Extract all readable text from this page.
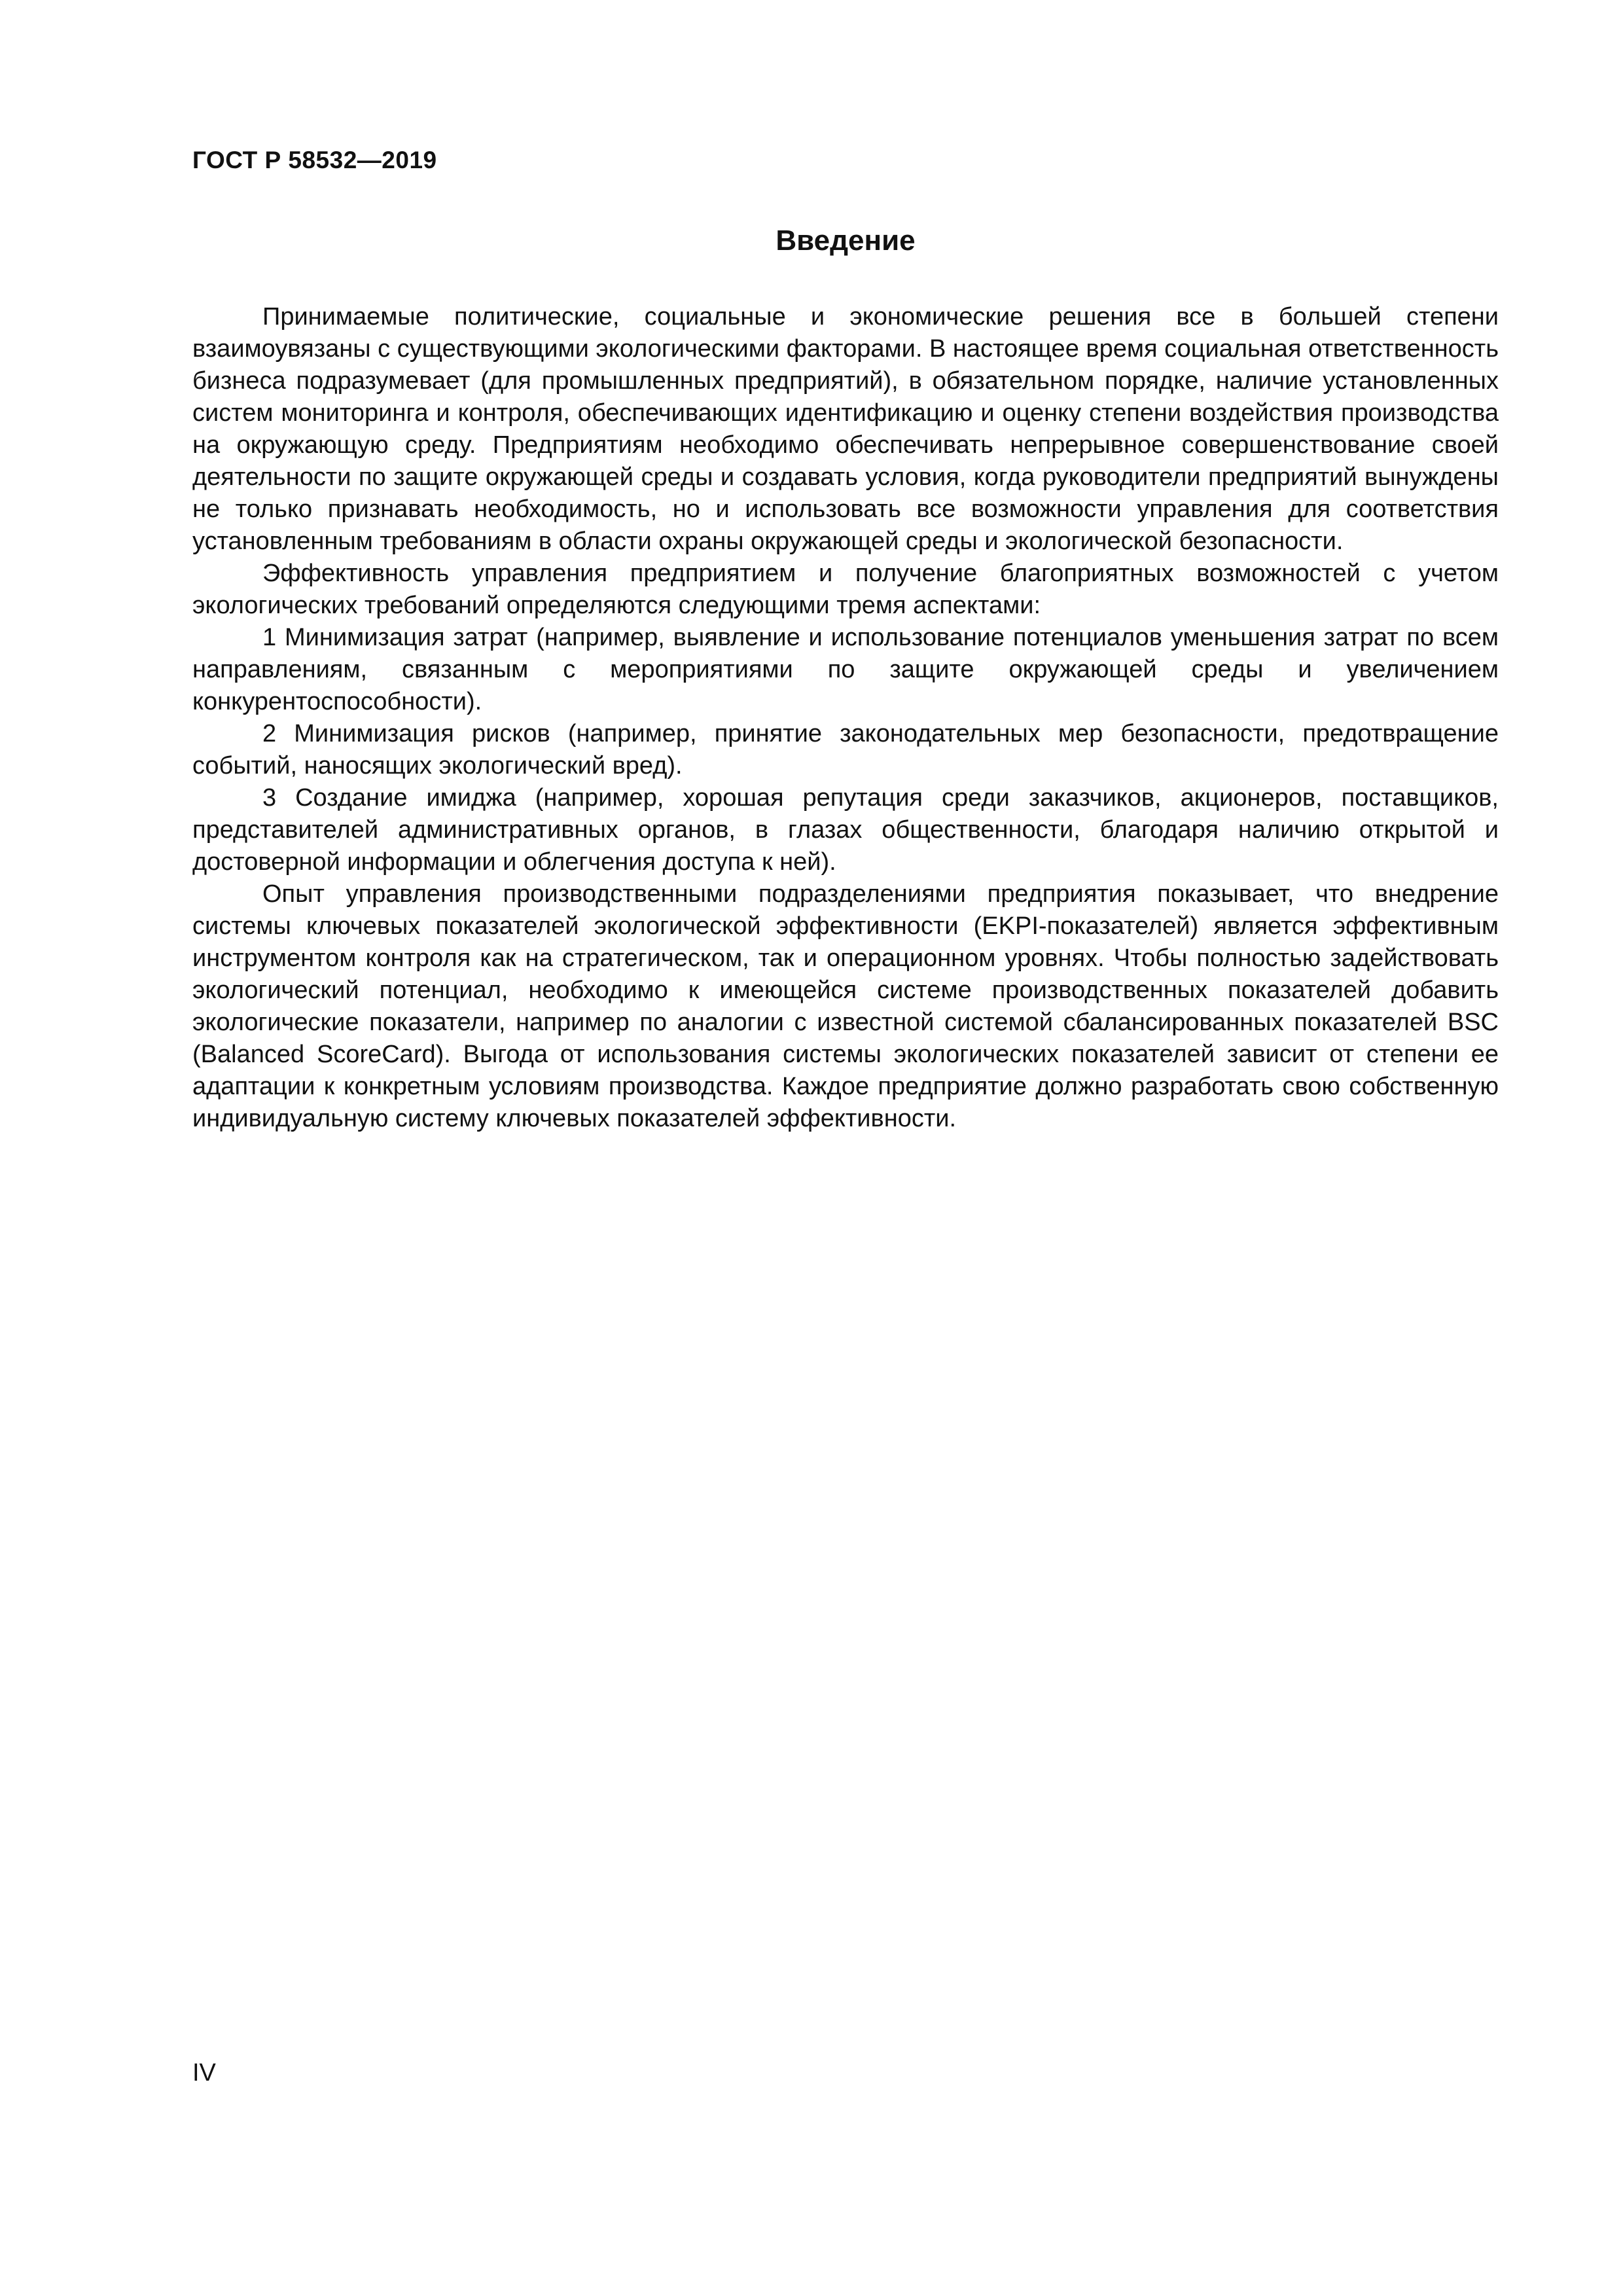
ГОСТ Р 58532—2019
Введение

Принимаемые политические, социальные и экономические решения все в большей степени взаимоувязаны с существующими экологическими факторами. В настоящее время социальная ответственность бизнеса подразумевает (для промышленных предприятий), в обязательном порядке, наличие установленных систем мониторинга и контроля, обеспечивающих идентификацию и оценку степени воздействия производства на окружающую среду. Предприятиям необходимо обеспечивать непрерывное совершенствование своей деятельности по защите окружающей среды и создавать условия, когда руководители предприятий вынуждены не только признавать необходимость, но и использовать все возможности управления для соответствия установленным требованиям в области охраны окружающей среды и экологической безопасности.

Эффективность управления предприятием и получение благоприятных возможностей с учетом экологических требований определяются следующими тремя аспектами:

1 Минимизация затрат (например, выявление и использование потенциалов уменьшения затрат по всем направлениям, связанным с мероприятиями по защите окружающей среды и увеличением конкурентоспособности).

2 Минимизация рисков (например, принятие законодательных мер безопасности, предотвращение событий, наносящих экологический вред).

3 Создание имиджа (например, хорошая репутация среди заказчиков, акционеров, поставщиков, представителей административных органов, в глазах общественности, благодаря наличию открытой и достоверной информации и облегчения доступа к ней).

Опыт управления производственными подразделениями предприятия показывает, что внедрение системы ключевых показателей экологической эффективности (EKPI-показателей) является эффективным инструментом контроля как на стратегическом, так и операционном уровнях. Чтобы полностью задействовать экологический потенциал, необходимо к имеющейся системе производственных показателей добавить экологические показатели, например по аналогии с известной системой сбалансированных показателей BSC (Balanced ScoreCard). Выгода от использования системы экологических показателей зависит от степени ее адаптации к конкретным условиям производства. Каждое предприятие должно разработать свою собственную индивидуальную систему ключевых показателей эффективности.

IV
